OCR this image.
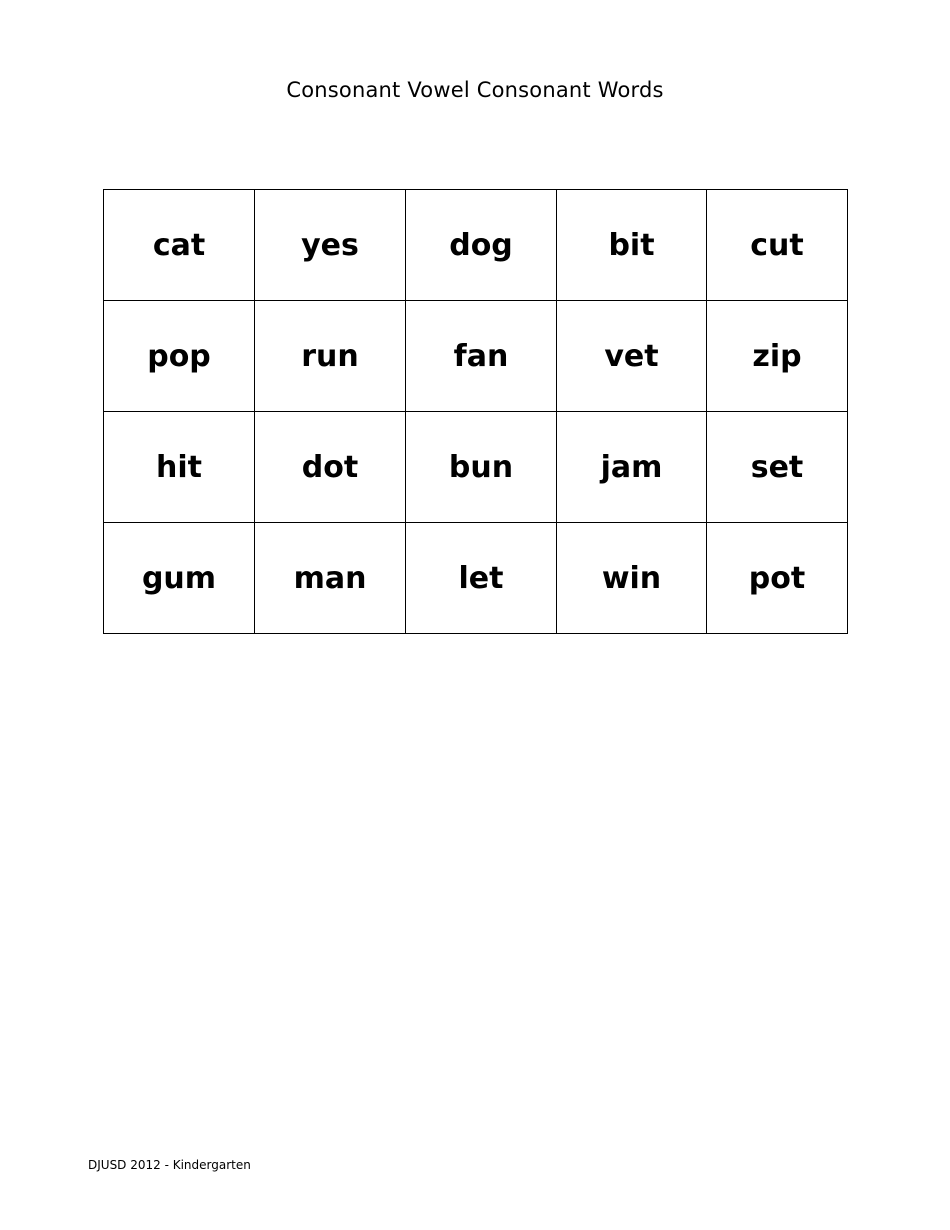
Consonant Vowel Consonant Words
cat	yes	dog	bit	cut
pop	run	fan	vet	zip
hit	dot	bun	jam	set
gum	man	let	win	pot
DJUSD 2012 - Kindergarten
